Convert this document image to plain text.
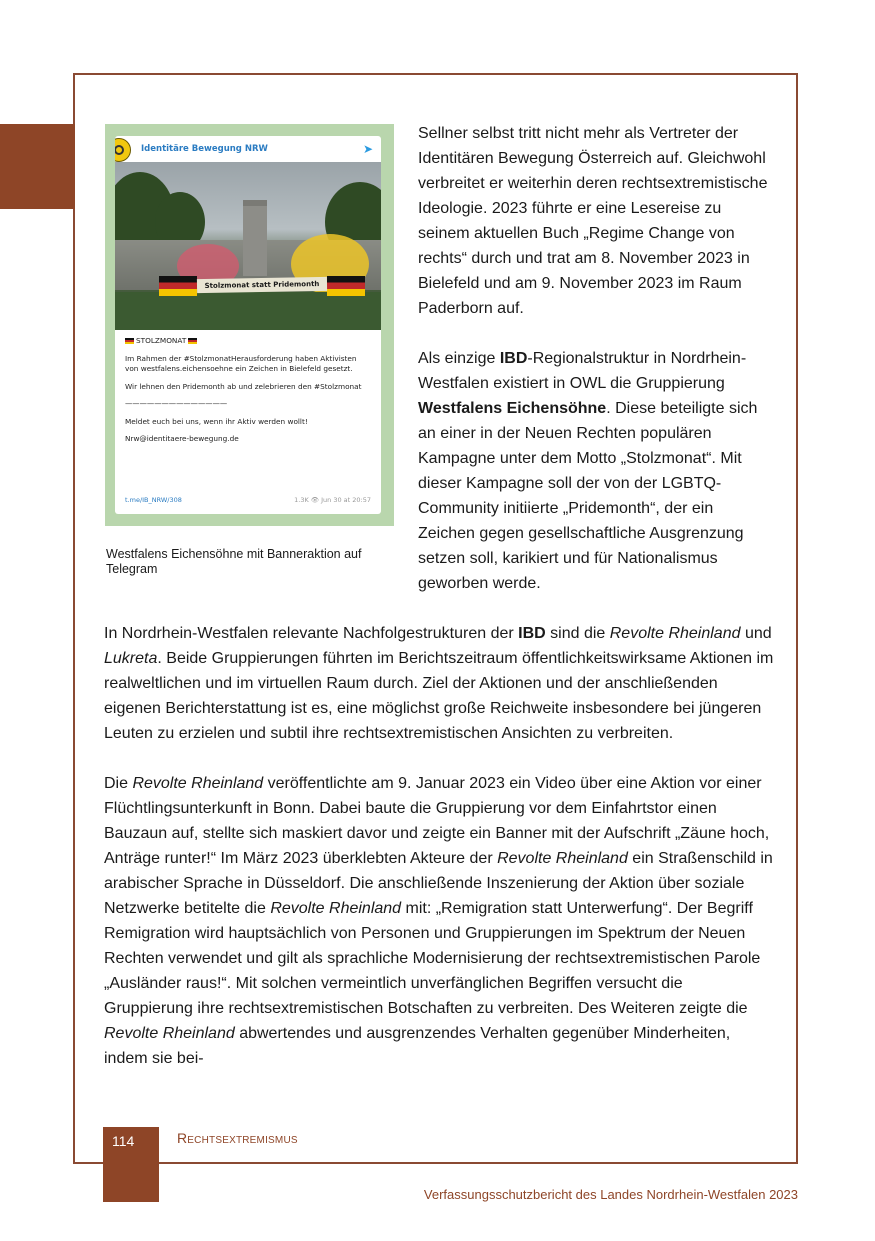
Identitäre Bewegung NRW	➤
Stolzmonat statt Pridemonth

STOLZMONAT

Im Rahmen der #StolzmonatHerausforderung haben Aktivisten von westfalens.eichensoehne ein Zeichen in Bielefeld gesetzt.

Wir lehnen den Pridemonth ab und zelebrieren den #Stolzmonat

——————————————

Meldet euch bei uns, wenn ihr Aktiv werden wollt!

Nrw@identitaere-bewegung.de

t.me/IB_NRW/308	1.3K 👁 Jun 30 at 20:57
Westfalens Eichensöhne mit Banneraktion auf Telegram

Sellner selbst tritt nicht mehr als Vertreter der Identitären Bewegung Österreich auf. Gleichwohl verbreitet er weiterhin deren rechtsextremistische Ideologie. 2023 führte er eine Lesereise zu seinem aktuellen Buch „Regime Change von rechts“ durch und trat am 8. November 2023 in Bielefeld und am 9. November 2023 im Raum Paderborn auf.

Als einzige IBD-Regionalstruktur in Nordrhein-Westfalen existiert in OWL die Gruppierung Westfalens Eichensöhne. Diese beteiligte sich an einer in der Neuen Rechten populären Kampagne unter dem Motto „Stolzmonat“. Mit dieser Kampagne soll der von der LGBTQ-Community initiierte „Pridemonth“, der ein Zeichen gegen gesellschaftliche Ausgrenzung setzen soll, karikiert und für Nationalismus geworben werde.

In Nordrhein-Westfalen relevante Nachfolgestrukturen der IBD sind die Revolte Rheinland und Lukreta. Beide Gruppierungen führten im Berichtszeitraum öffentlichkeitswirksame Aktionen im realweltlichen und im virtuellen Raum durch. Ziel der Aktionen und der anschließenden eigenen Berichterstattung ist es, eine möglichst große Reichweite insbesondere bei jüngeren Leuten zu erzielen und subtil ihre rechtsextremistischen Ansichten zu verbreiten.

Die Revolte Rheinland veröffentlichte am 9. Januar 2023 ein Video über eine Aktion vor einer Flüchtlingsunterkunft in Bonn. Dabei baute die Gruppierung vor dem Einfahrtstor einen Bauzaun auf, stellte sich maskiert davor und zeigte ein Banner mit der Aufschrift „Zäune hoch, Anträge runter!“ Im März 2023 überklebten Akteure der Revolte Rheinland ein Straßenschild in arabischer Sprache in Düsseldorf. Die anschließende Inszenierung der Aktion über soziale Netzwerke betitelte die Revolte Rheinland mit: „Remigration statt Unterwerfung“. Der Begriff Remigration wird hauptsächlich von Personen und Gruppierungen im Spektrum der Neuen Rechten verwendet und gilt als sprachliche Modernisierung der rechtsextremistischen Parole „Ausländer raus!“. Mit solchen vermeintlich unverfänglichen Begriffen versucht die Gruppierung ihre rechtsextremistischen Botschaften zu verbreiten. Des Weiteren zeigte die Revolte Rheinland abwertendes und ausgrenzendes Verhalten gegenüber Minderheiten, indem sie bei-

114	Rechtsextremismus
Verfassungsschutzbericht des Landes Nordrhein-Westfalen 2023
